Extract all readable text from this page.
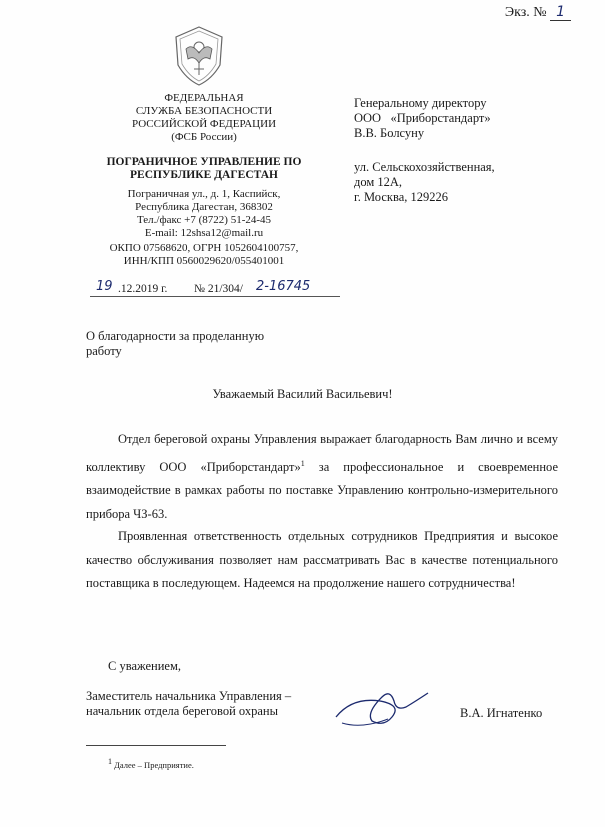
Экз. № 1
ФЕДЕРАЛЬНАЯ
СЛУЖБА БЕЗОПАСНОСТИ
РОССИЙСКОЙ ФЕДЕРАЦИИ
(ФСБ России)
ПОГРАНИЧНОЕ УПРАВЛЕНИЕ ПО
РЕСПУБЛИКЕ ДАГЕСТАН
Пограничная ул., д. 1, Каспийск,
Республика Дагестан, 368302
Тел./факс +7 (8722) 51-24-45
E-mail: 12shsa12@mail.ru
ОКПО 07568620, ОГРН 1052604100757,
ИНН/КПП 0560029620/055401001
19 .12.2019 г. № 21/304/ 2-16745
Генеральному директору
ООО   «Приборстандарт»
В.В. Болсуну
ул. Сельскохозяйственная,
дом 12А,
г. Москва, 129226
О благодарности за проделанную
работу
Уважаемый Василий Васильевич!

Отдел береговой охраны Управления выражает благодарность Вам лично и всему коллективу ООО «Приборстандарт»$^1$ за профессиональное и своевременное взаимодействие в рамках работы по поставке Управлению контрольно-измерительного прибора ЧЗ-63.

Проявленная ответственность отдельных сотрудников Предприятия и высокое качество обслуживания позволяет нам рассматривать Вас в качестве потенциального поставщика в последующем. Надеемся на продолжение нашего сотрудничества!

С уважением,
Заместитель начальника Управления –
начальник отдела береговой охраны	В.А. Игнатенко
$^1$ Далее – Предприятие.
